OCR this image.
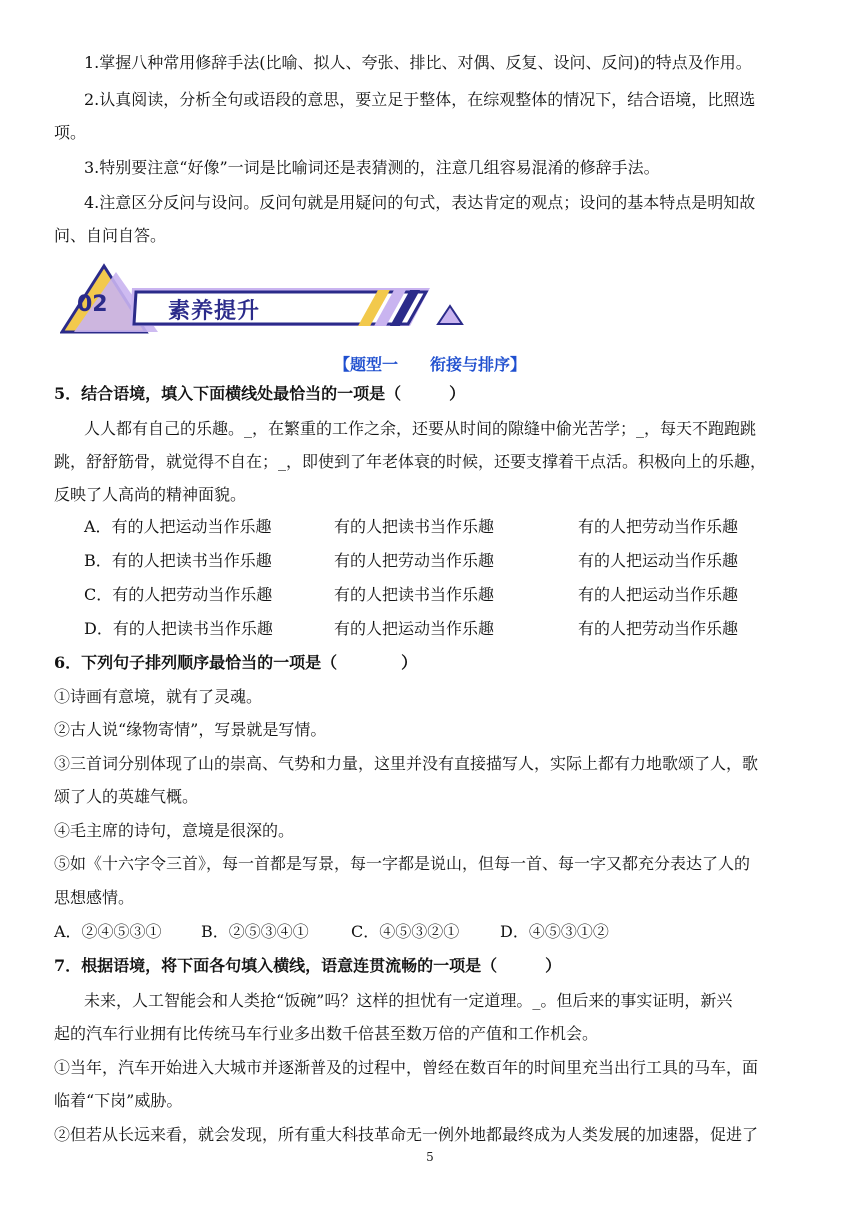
1.掌握八种常用修辞手法(比喻、拟人、夸张、排比、对偶、反复、设问、反问)的特点及作用。
2.认真阅读，分析全句或语段的意思，要立足于整体，在综观整体的情况下，结合语境，比照选
项。
3.特别要注意“好像”一词是比喻词还是表猜测的，注意几组容易混淆的修辞手法。
4.注意区分反问与设问。反问句就是用疑问的句式，表达肯定的观点；设问的基本特点是明知故
问、自问自答。
02	素养提升
【题型一　　衔接与排序】
5．结合语境，填入下面横线处最恰当的一项是（　　　）
人人都有自己的乐趣。_，在繁重的工作之余，还要从时间的隙缝中偷光苦学；_，每天不跑跑跳
跳，舒舒筋骨，就觉得不自在；_，即使到了年老体衰的时候，还要支撑着干点活。积极向上的乐趣，
反映了人高尚的精神面貌。
A．有的人把运动当作乐趣	有的人把读书当作乐趣	有的人把劳动当作乐趣
B．有的人把读书当作乐趣	有的人把劳动当作乐趣	有的人把运动当作乐趣
C．有的人把劳动当作乐趣	有的人把读书当作乐趣	有的人把运动当作乐趣
D．有的人把读书当作乐趣	有的人把运动当作乐趣	有的人把劳动当作乐趣
6．下列句子排列顺序最恰当的一项是（　　　　）
①诗画有意境，就有了灵魂。
②古人说“缘物寄情”，写景就是写情。
③三首词分别体现了山的崇高、气势和力量，这里并没有直接描写人，实际上都有力地歌颂了人，歌
颂了人的英雄气概。
④毛主席的诗句，意境是很深的。
⑤如《十六字令三首》，每一首都是写景，每一字都是说山，但每一首、每一字又都充分表达了人的
思想感情。
A．②④⑤③① B．②⑤③④①	C．④⑤③②①	D．④⑤③①②
7．根据语境，将下面各句填入横线，语意连贯流畅的一项是（　　　）
未来，人工智能会和人类抢“饭碗”吗？这样的担忧有一定道理。_。但后来的事实证明，新兴
起的汽车行业拥有比传统马车行业多出数千倍甚至数万倍的产值和工作机会。
①当年，汽车开始进入大城市并逐渐普及的过程中，曾经在数百年的时间里充当出行工具的马车，面
临着“下岗”威胁。
②但若从长远来看，就会发现，所有重大科技革命无一例外地都最终成为人类发展的加速器，促进了
5
